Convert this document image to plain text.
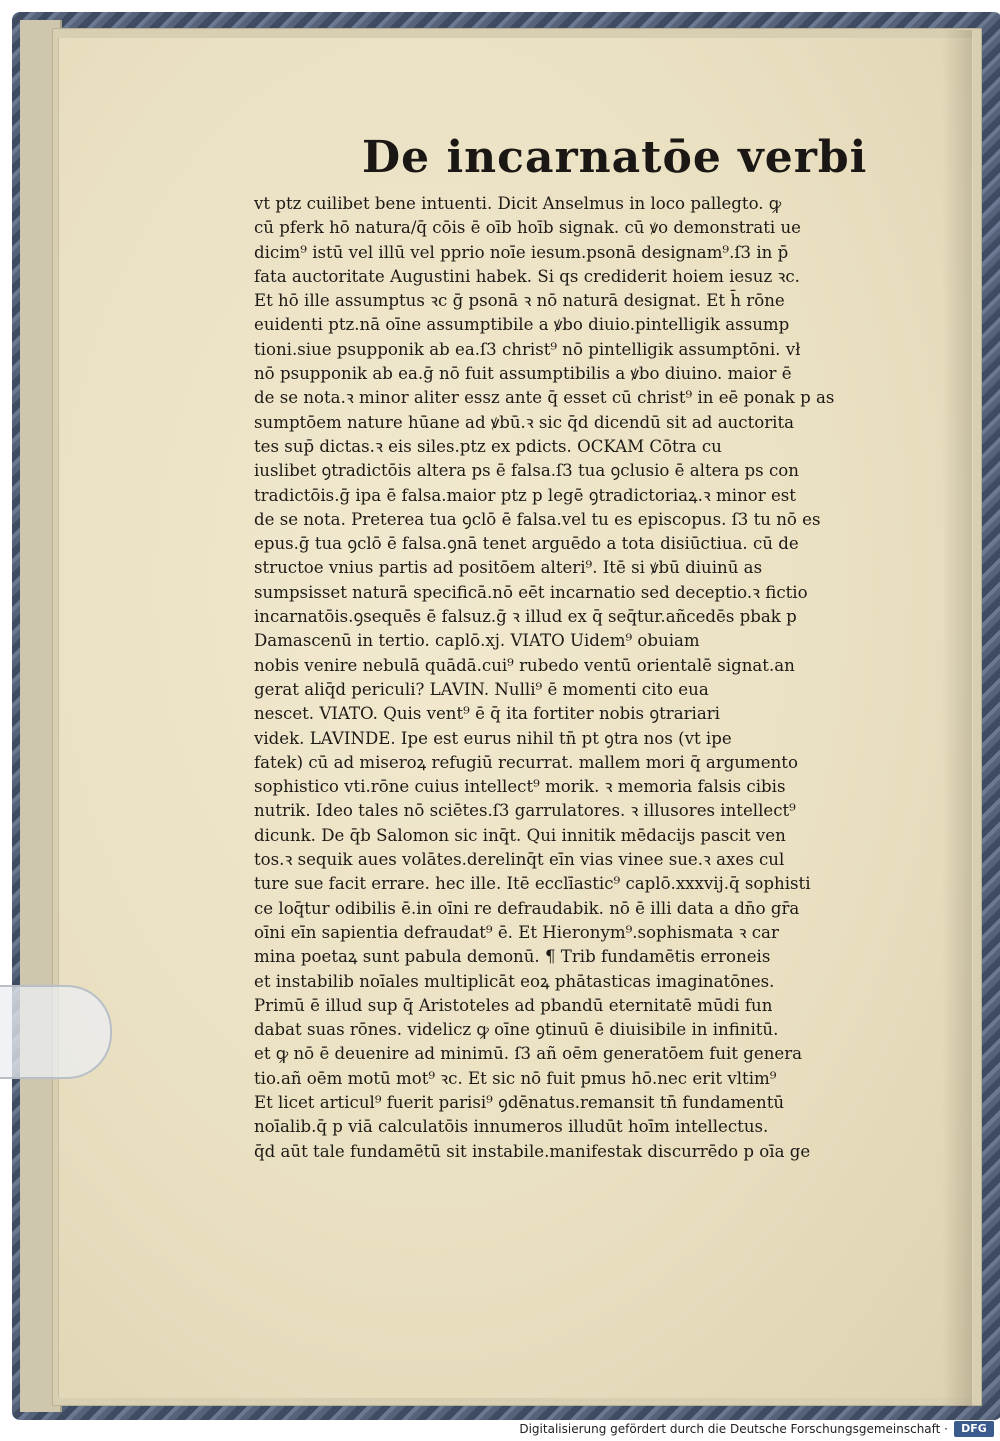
De incarnatōe verbi
vt ptz cuilibet bene intuenti. Dicit Anselmus in loco pallegto. ꝙ
cū pferk hō natura/q̄ cōis ē oīb hoīb signak. cū ꝟo demonstrati ue
dicim⁹ istū vel illū vel pprio noīe iesum.psonā designam⁹.ſ3 in p̄
fata auctoritate Augustini habek. Si qs crediderit hoiem iesuz ꝛc.
Et hō ille assumptus ꝛc ḡ psonā ꝛ nō naturā designat. Et h̄ rōne
euidenti ptz.nā oīne assumptibile a ꝟbo diuio.pintelligik assump
tioni.siue psupponik ab ea.ſ3 christ⁹ nō pintelligik assumptōni. vł
nō psupponik ab ea.ḡ nō fuit assumptibilis a ꝟbo diuino. maior ē
de se nota.ꝛ minor aliter essz ante q̄ esset cū christ⁹ in eē ponak p as
sumptōem nature hūane ad ꝟbū.ꝛ sic q̄d dicendū sit ad auctorita
tes sup̄ dictas.ꝛ eis siles.ptz ex pdicts. OCKAM Cōtra cu
iuslibet ꝯtradictōis altera ps ē falsa.ſ3 tua ꝯclusio ē altera ps con
tradictōis.ḡ ipa ē falsa.maior ptz p legē ꝯtradictoriaꝝ.ꝛ minor est
de se nota. Preterea tua ꝯclō ē falsa.vel tu es episcopus. ſ3 tu nō es
epus.ḡ tua ꝯclō ē falsa.ꝯnā tenet arguēdo a tota disiūctiua. cū de
structoe vnius partis ad positōem alteri⁹. Itē si ꝟbū diuinū as
sumpsisset naturā specificā.nō eēt incarnatio sed deceptio.ꝛ fictio
incarnatōis.ꝯsequēs ē falsuz.ḡ ꝛ illud ex q̄ seq̄tur.añcedēs pbak p
Damascenū in tertio. caplō.xj. VIATO Uidem⁹ obuiam
nobis venire nebulā quādā.cui⁹ rubedo ventū orientalē signat.an
gerat aliq̄d periculi? LAVIN. Nulli⁹ ē momenti cito eua
nescet. VIATO. Quis vent⁹ ē q̄ ita fortiter nobis ꝯtrariari
videk. LAVINDE. Ipe est eurus nihil tn̄ pt ꝯtra nos (vt ipe
fatek) cū ad miseroꝝ refugiū recurrat. mallem mori q̄ argumento
sophistico vti.rōne cuius intellect⁹ morik. ꝛ memoria falsis cibis
nutrik. Ideo tales nō sciētes.ſ3 garrulatores. ꝛ illusores intellect⁹
dicunk. De q̄b Salomon sic inq̄t. Qui innitik mēdacijs pascit ven
tos.ꝛ sequik aues volātes.derelinq̄t eīn vias vinee sue.ꝛ axes cul
ture sue facit errare. hec ille. Itē ecclīastic⁹ caplō.xxxvij.q̄ sophisti
ce loq̄tur odibilis ē.in oīni re defraudabik. nō ē illi data a dn̄o gr̄a
oīni eīn sapientia defraudat⁹ ē. Et Hieronym⁹.sophismata ꝛ car
mina poetaꝝ sunt pabula demonū. ¶ Trib fundamētis erroneis
et instabilib noīales multiplicāt eoꝝ phātasticas imaginatōnes.
Primū ē illud sup q̄ Aristoteles ad pbandū eternitatē mūdi fun
dabat suas rōnes. videlicz ꝙ oīne ꝯtinuū ē diuisibile in infinitū.
et ꝙ nō ē deuenire ad minimū. ſ3 añ oēm generatōem fuit genera
tio.añ oēm motū mot⁹ ꝛc. Et sic nō fuit pmus hō.nec erit vltim⁹
Et licet articul⁹ fuerit parisi⁹ ꝯdēnatus.remansit tn̄ fundamentū
noīalib.q̄ p viā calculatōis innumeros illudūt hoīm intellectus.
q̄d aūt tale fundamētū sit instabile.manifestak discurrēdo p oīa ge
Digitalisierung gefördert durch die Deutsche Forschungsgemeinschaft ·	DFG
